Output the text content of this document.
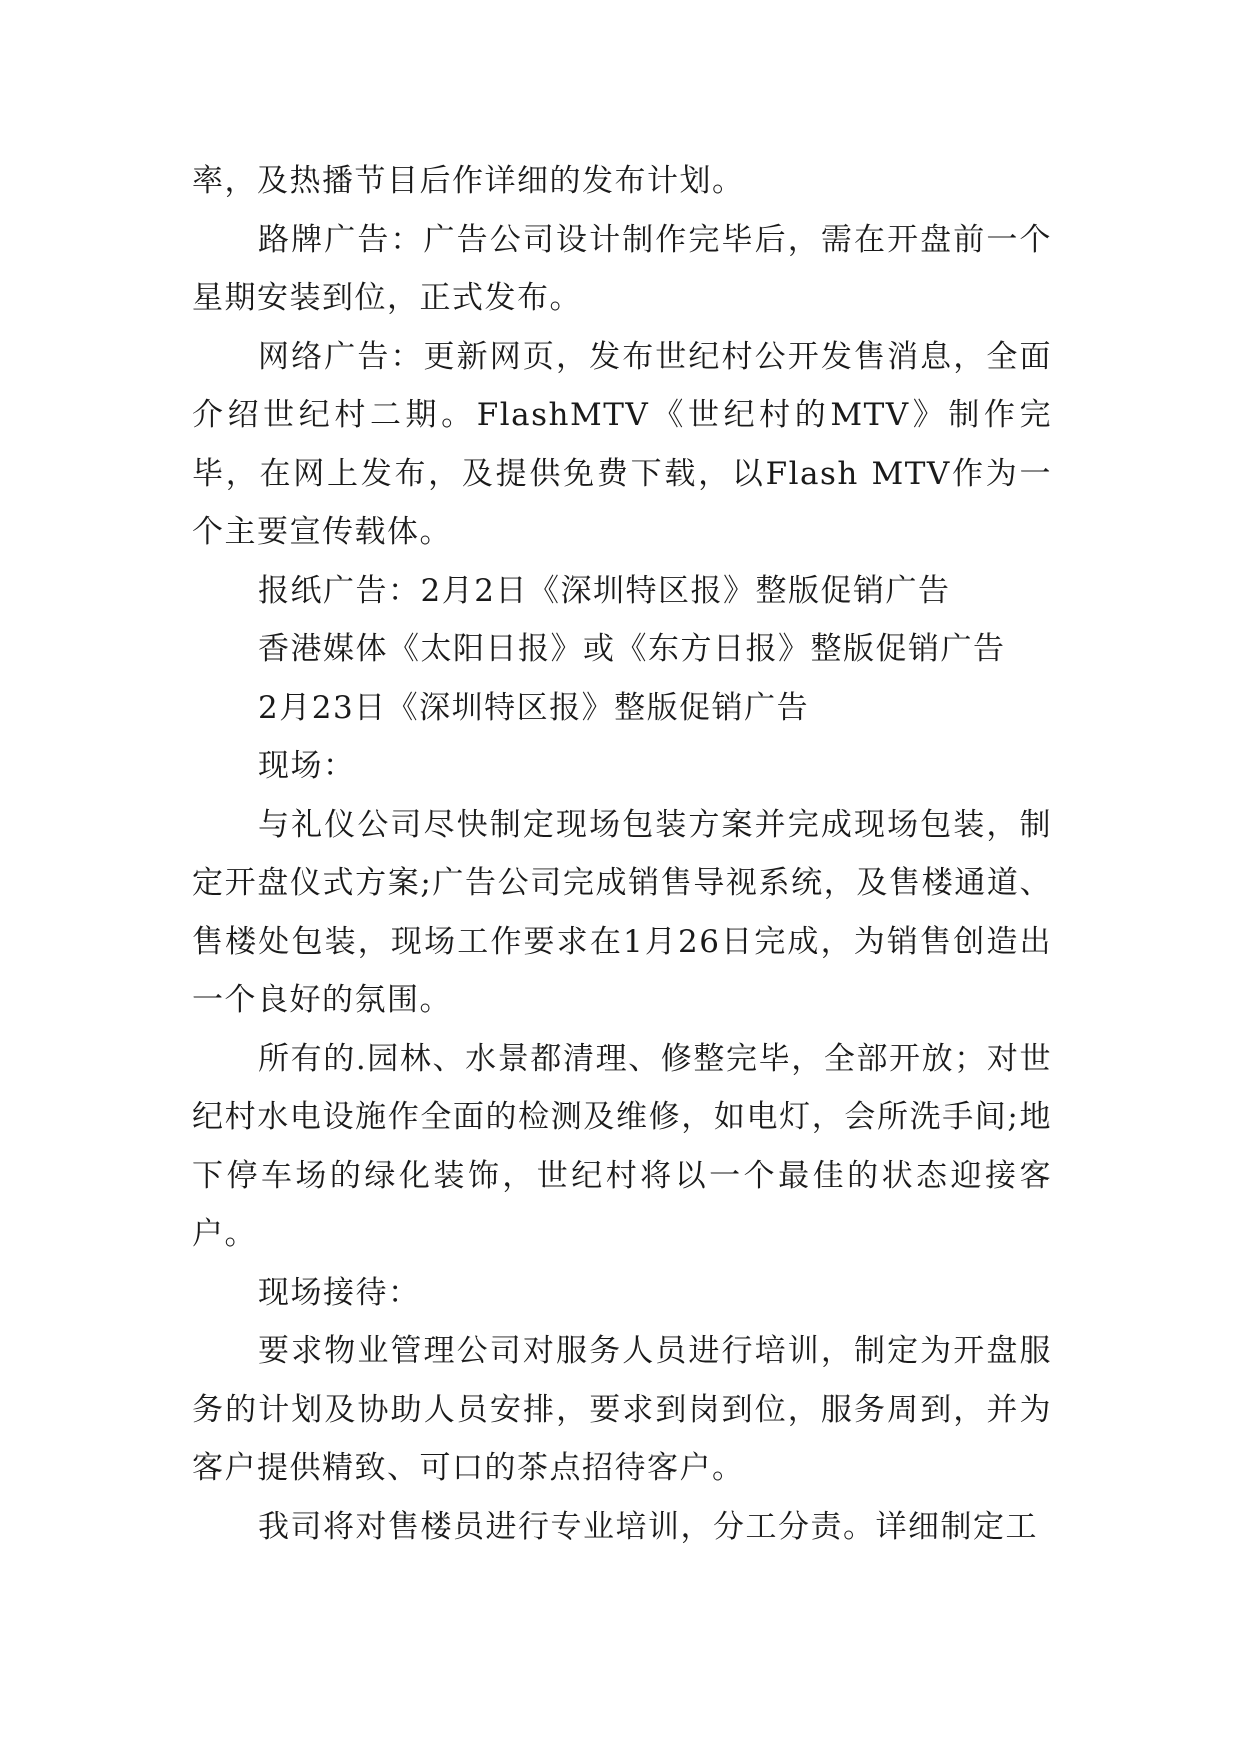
率，及热播节目后作详细的发布计划。

路牌广告：广告公司设计制作完毕后，需在开盘前一个星期安装到位，正式发布。

网络广告：更新网页，发布世纪村公开发售消息，全面介绍世纪村二期。FlashMTV《世纪村的MTV》制作完毕，在网上发布，及提供免费下载，以Flash MTV作为一个主要宣传载体。

报纸广告：2月2日《深圳特区报》整版促销广告

香港媒体《太阳日报》或《东方日报》整版促销广告

2月23日《深圳特区报》整版促销广告

现场：

与礼仪公司尽快制定现场包装方案并完成现场包装，制定开盘仪式方案;广告公司完成销售导视系统，及售楼通道、售楼处包装，现场工作要求在1月26日完成，为销售创造出一个良好的氛围。

所有的.园林、水景都清理、修整完毕，全部开放；对世纪村水电设施作全面的检测及维修，如电灯，会所洗手间;地下停车场的绿化装饰，世纪村将以一个最佳的状态迎接客户。

现场接待：

要求物业管理公司对服务人员进行培训，制定为开盘服务的计划及协助人员安排，要求到岗到位，服务周到，并为客户提供精致、可口的茶点招待客户。

我司将对售楼员进行专业培训，分工分责。详细制定工
